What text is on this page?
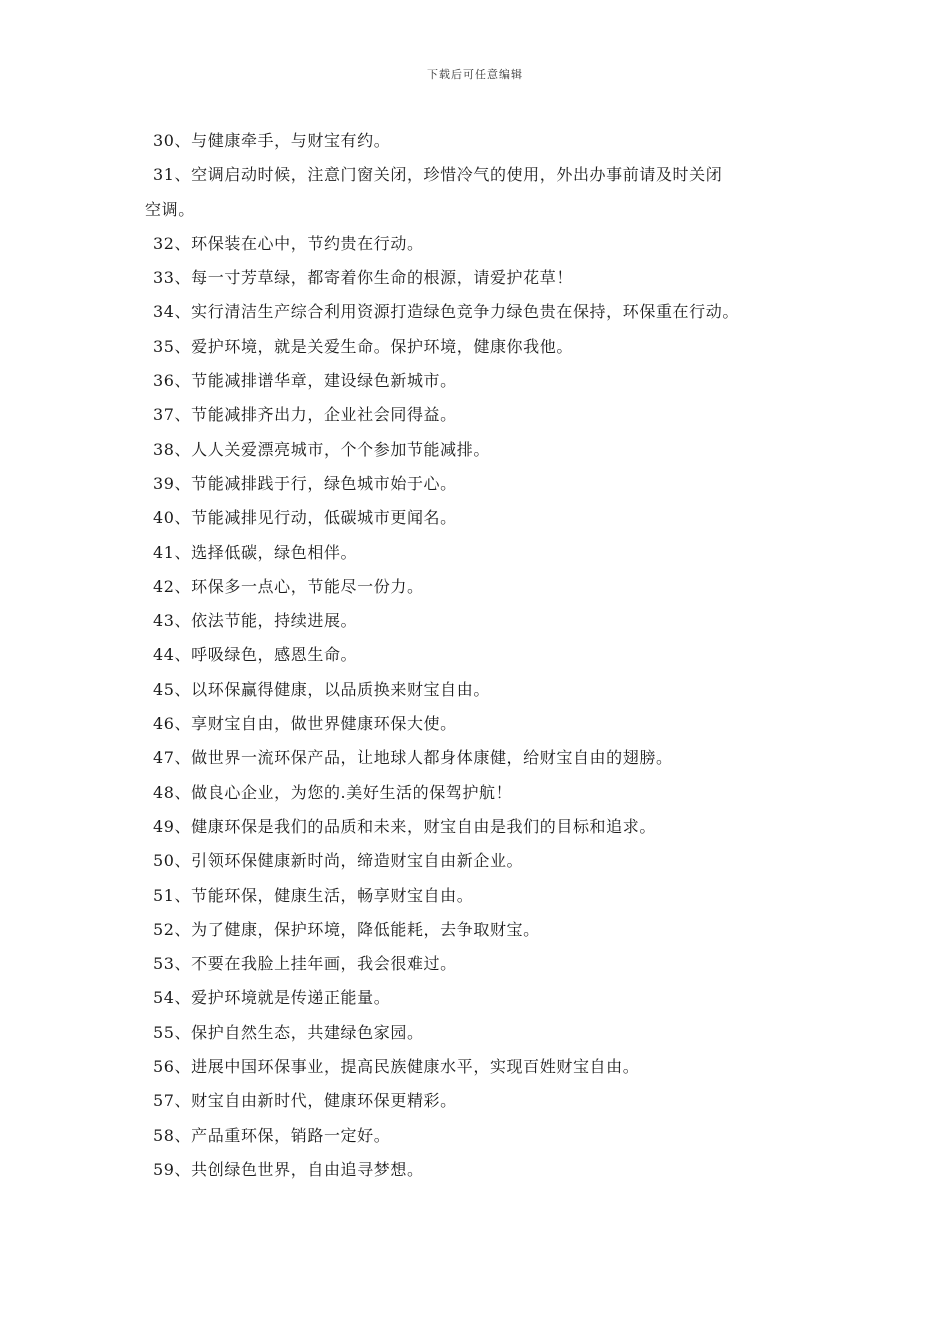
下载后可任意编辑
30、与健康牵手，与财宝有约。
31、空调启动时候，注意门窗关闭，珍惜冷气的使用，外出办事前请及时关闭
空调。
32、环保装在心中，节约贵在行动。
33、每一寸芳草绿，都寄着你生命的根源，请爱护花草！
34、实行清洁生产综合利用资源打造绿色竞争力绿色贵在保持，环保重在行动。
35、爱护环境，就是关爱生命。保护环境，健康你我他。
36、节能减排谱华章，建设绿色新城市。
37、节能减排齐出力，企业社会同得益。
38、人人关爱漂亮城市，个个参加节能减排。
39、节能减排践于行，绿色城市始于心。
40、节能减排见行动，低碳城市更闻名。
41、选择低碳，绿色相伴。
42、环保多一点心，节能尽一份力。
43、依法节能，持续进展。
44、呼吸绿色，感恩生命。
45、以环保赢得健康，以品质换来财宝自由。
46、享财宝自由，做世界健康环保大使。
47、做世界一流环保产品，让地球人都身体康健，给财宝自由的翅膀。
48、做良心企业，为您的.美好生活的保驾护航！
49、健康环保是我们的品质和未来，财宝自由是我们的目标和追求。
50、引领环保健康新时尚，缔造财宝自由新企业。
51、节能环保，健康生活，畅享财宝自由。
52、为了健康，保护环境，降低能耗，去争取财宝。
53、不要在我脸上挂年画，我会很难过。
54、爱护环境就是传递正能量。
55、保护自然生态，共建绿色家园。
56、进展中国环保事业，提高民族健康水平，实现百姓财宝自由。
57、财宝自由新时代，健康环保更精彩。
58、产品重环保，销路一定好。
59、共创绿色世界，自由追寻梦想。
